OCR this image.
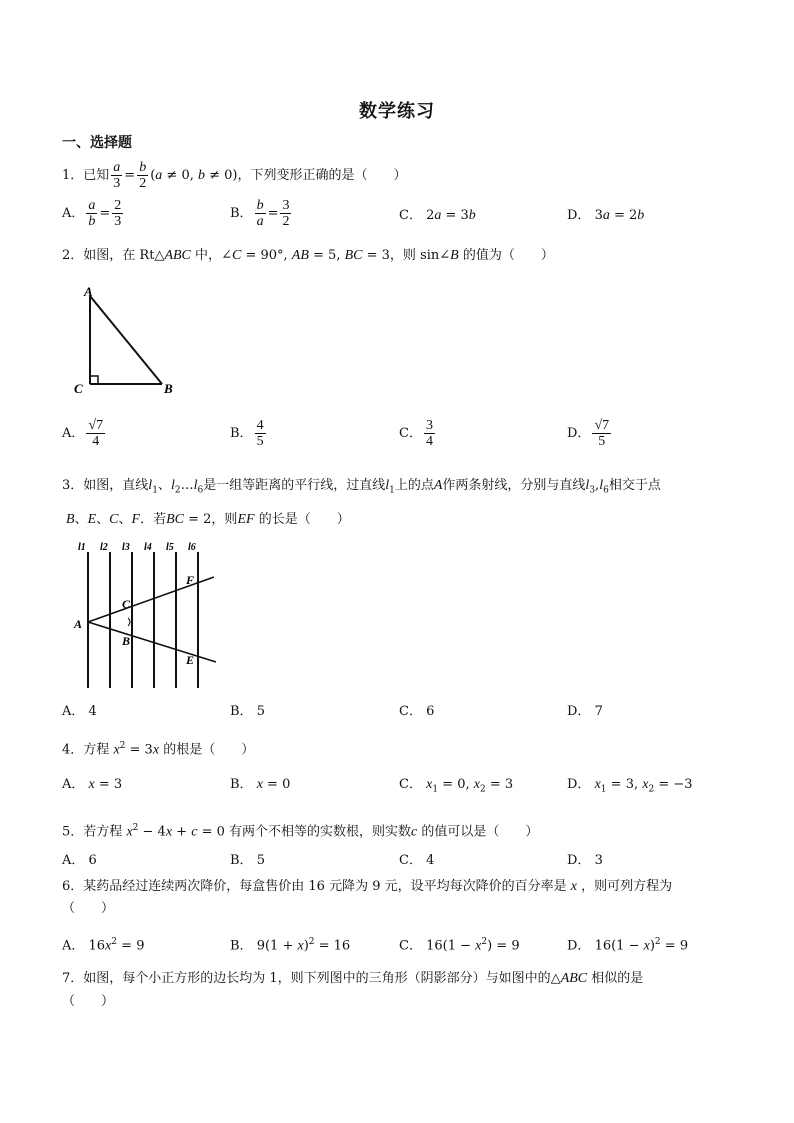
数学练习
一、选择题
1．已知 $\frac{a}{3} = \frac{b}{2} (a \ne 0$, b ≠ 0)，下列变形正确的是（　　）
A． $\frac{a}{b} = \frac{2}{3}$	B． $\frac{b}{a} = \frac{3}{2}$	C． 2a = 3b	D． 3a = 2b
2．如图，在 Rt△ABC 中，∠C = 90°, AB = 5, BC = 3，则 sin∠B 的值为（　　）
A
C	B
A． $\frac{√7}{4}$	B． $\frac{4}{5}$	C． $\frac{3}{4}$	D． $\frac{√7}{5}$
3．如图，直线$l_1$、$l_2\dots l_6$是一组等距离的平行线，过直线$l_1$上的点A作两条射线，分别与直线$l_3,l_6$相交于点
B、E、C、F．若BC = 2，则EF 的长是（　　）
l1 l2 l3 l4 l5 l6
A
B
C
E
F
A． 4	B． 5	C． 6	D． 7
4．方程 $x^2 = 3x$ 的根是（　　）
A． x = 3	B． x = 0	C． $x_1 = 0$, $x_2 = 3$	D． $x_1 = 3$, $x_2 = -3$
5．若方程 $x^2 - 4x + c = 0$ 有两个不相等的实数根，则实数c 的值可以是（　　）
A． 6	B． 5	C． 4	D． 3
6．某药品经过连续两次降价，每盒售价由 16 元降为 9 元，设平均每次降价的百分率是 x ，则可列方程为
（　　）
A． $16x^2 = 9$	B． $9(1 + x)^2 = 16$	C． $16(1 - x^2) = 9$	D． $16(1 - x)^2 = 9$
7．如图，每个小正方形的边长均为 1，则下列图中的三角形（阴影部分）与如图中的△ABC 相似的是
（　　）
